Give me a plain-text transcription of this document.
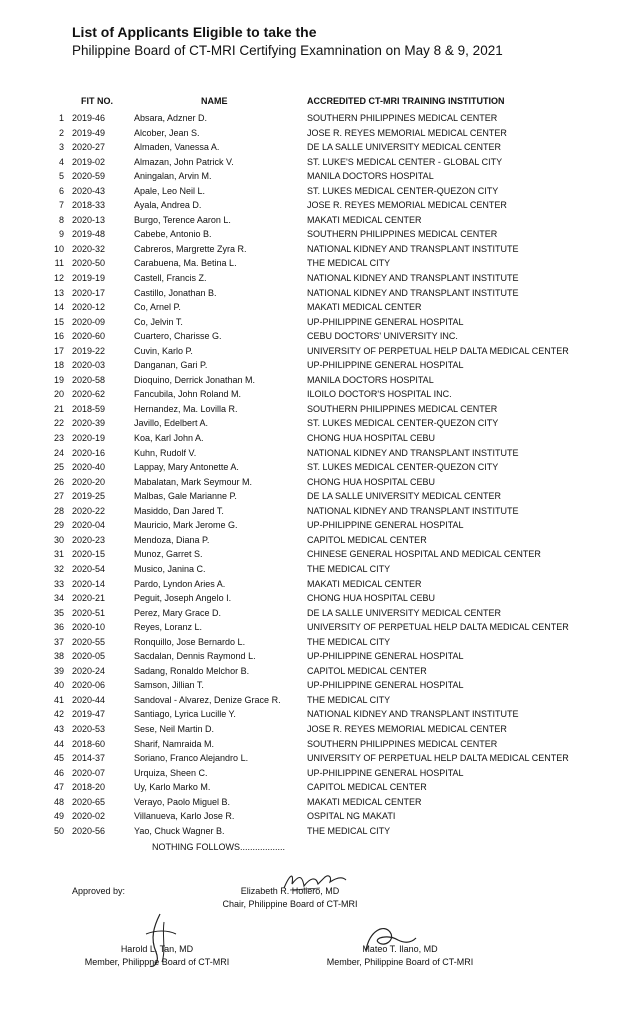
List of Applicants Eligible to take the
Philippine Board of CT-MRI Certifying Examnination on May 8 & 9, 2021
FIT NO.	NAME	ACCREDITED CT-MRI TRAINING INSTITUTION
1 2019-46	Absara, Adzner D.	SOUTHERN PHILIPPINES MEDICAL CENTER
2 2019-49	Alcober, Jean S.	JOSE R. REYES MEMORIAL MEDICAL CENTER
3 2020-27	Almaden, Vanessa A.	DE LA SALLE UNIVERSITY MEDICAL CENTER
4 2019-02	Almazan, John Patrick V.	ST. LUKE'S MEDICAL CENTER - GLOBAL CITY
5 2020-59	Aningalan, Arvin M.	MANILA DOCTORS HOSPITAL
6 2020-43	Apale, Leo Neil L.	ST. LUKES MEDICAL CENTER-QUEZON CITY
7 2018-33	Ayala, Andrea D.	JOSE R. REYES MEMORIAL MEDICAL CENTER
8 2020-13	Burgo, Terence Aaron L.	MAKATI MEDICAL CENTER
9 2019-48	Cabebe, Antonio B.	SOUTHERN PHILIPPINES MEDICAL CENTER
10 2020-32	Cabreros, Margrette Zyra R.	NATIONAL KIDNEY AND TRANSPLANT INSTITUTE
11 2020-50	Carabuena, Ma. Betina L.	THE MEDICAL CITY
12 2019-19	Castell, Francis Z.	NATIONAL KIDNEY AND TRANSPLANT INSTITUTE
13 2020-17	Castillo, Jonathan B.	NATIONAL KIDNEY AND TRANSPLANT INSTITUTE
14 2020-12	Co, Arnel P.	MAKATI MEDICAL CENTER
15 2020-09	Co, Jelvin T.	UP-PHILIPPINE GENERAL HOSPITAL
16 2020-60	Cuartero, Charisse G.	CEBU DOCTORS' UNIVERSITY INC.
17 2019-22	Cuvin, Karlo P.	UNIVERSITY OF PERPETUAL HELP DALTA MEDICAL CENTER
18 2020-03	Danganan, Gari P.	UP-PHILIPPINE GENERAL HOSPITAL
19 2020-58	Dioquino, Derrick Jonathan M.	MANILA DOCTORS HOSPITAL
20 2020-62	Fancubila, John Roland M.	ILOILO DOCTOR'S HOSPITAL INC.
21 2018-59	Hernandez, Ma. Lovilla R.	SOUTHERN PHILIPPINES MEDICAL CENTER
22 2020-39	Javillo, Edelbert A.	ST. LUKES MEDICAL CENTER-QUEZON CITY
23 2020-19	Koa, Karl John A.	CHONG HUA HOSPITAL CEBU
24 2020-16	Kuhn, Rudolf V.	NATIONAL KIDNEY AND TRANSPLANT INSTITUTE
25 2020-40	Lappay, Mary Antonette A.	ST. LUKES MEDICAL CENTER-QUEZON CITY
26 2020-20	Mabalatan, Mark Seymour M.	CHONG HUA HOSPITAL CEBU
27 2019-25	Malbas, Gale Marianne P.	DE LA SALLE UNIVERSITY MEDICAL CENTER
28 2020-22	Masiddo, Dan Jared T.	NATIONAL KIDNEY AND TRANSPLANT INSTITUTE
29 2020-04	Mauricio, Mark Jerome G.	UP-PHILIPPINE GENERAL HOSPITAL
30 2020-23	Mendoza, Diana P.	CAPITOL MEDICAL CENTER
31 2020-15	Munoz, Garret S.	CHINESE GENERAL HOSPITAL AND MEDICAL CENTER
32 2020-54	Musico, Janina C.	THE MEDICAL CITY
33 2020-14	Pardo, Lyndon Aries A.	MAKATI MEDICAL CENTER
34 2020-21	Peguit, Joseph Angelo I.	CHONG HUA HOSPITAL CEBU
35 2020-51	Perez, Mary Grace D.	DE LA SALLE UNIVERSITY MEDICAL CENTER
36 2020-10	Reyes, Loranz L.	UNIVERSITY OF PERPETUAL HELP DALTA MEDICAL CENTER
37 2020-55	Ronquillo, Jose Bernardo L.	THE MEDICAL CITY
38 2020-05	Sacdalan, Dennis Raymond L.	UP-PHILIPPINE GENERAL HOSPITAL
39 2020-24	Sadang, Ronaldo Melchor B.	CAPITOL MEDICAL CENTER
40 2020-06	Samson, Jillian T.	UP-PHILIPPINE GENERAL HOSPITAL
41 2020-44	Sandoval - Alvarez, Denize Grace R.	THE MEDICAL CITY
42 2019-47	Santiago, Lyrica Lucille Y.	NATIONAL KIDNEY AND TRANSPLANT INSTITUTE
43 2020-53	Sese, Neil Martin D.	JOSE R. REYES MEMORIAL MEDICAL CENTER
44 2018-60	Sharif, Namraida M.	SOUTHERN PHILIPPINES MEDICAL CENTER
45 2014-37	Soriano, Franco Alejandro L.	UNIVERSITY OF PERPETUAL HELP DALTA MEDICAL CENTER
46 2020-07	Urquiza, Sheen C.	UP-PHILIPPINE GENERAL HOSPITAL
47 2018-20	Uy, Karlo Marko M.	CAPITOL MEDICAL CENTER
48 2020-65	Verayo, Paolo Miguel B.	MAKATI MEDICAL CENTER
49 2020-02	Villanueva, Karlo Jose R.	OSPITAL NG MAKATI
50 2020-56	Yao, Chuck Wagner B.	THE MEDICAL CITY
NOTHING FOLLOWS..................
Approved by:	Elizabeth R. Holiero, MD
Chair, Philippine Board of CT-MRI
Harold L. Tan, MD
Member, Philippne Board of CT-MRI
Mateo T. Ilano, MD
Member, Philippine Board of CT-MRI
